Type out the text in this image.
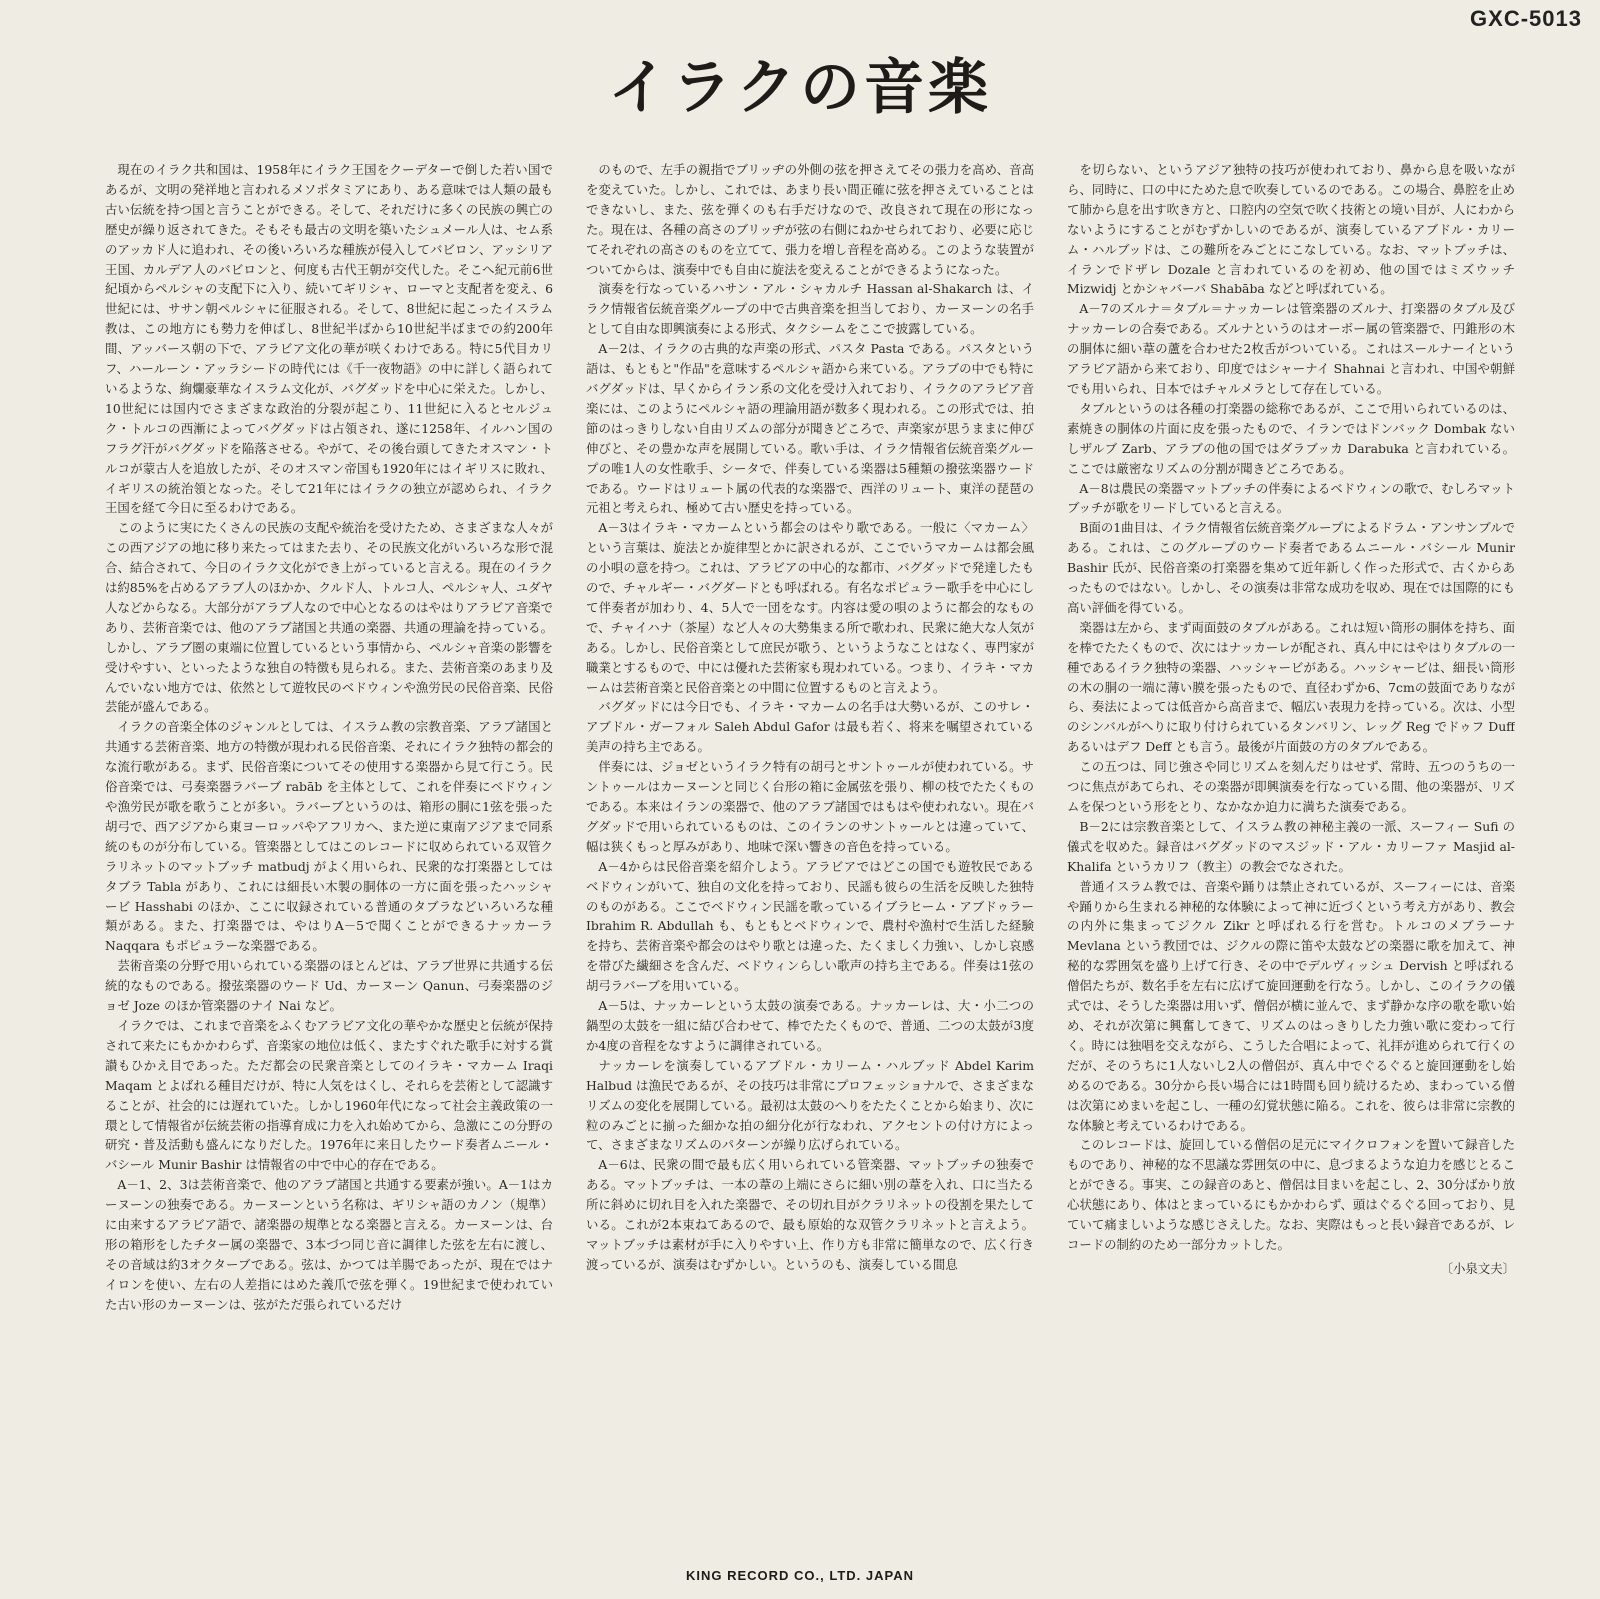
GXC-5013
イラクの音楽

現在のイラク共和国は、1958年にイラク王国をクーデターで倒した若い国であるが、文明の発祥地と言われるメソポタミアにあり、ある意味では人類の最も古い伝統を持つ国と言うことができる。そして、それだけに多くの民族の興亡の歴史が繰り返されてきた。そもそも最古の文明を築いたシュメール人は、セム系のアッカド人に追われ、その後いろいろな種族が侵入してバビロン、アッシリア王国、カルデア人のバビロンと、何度も古代王朝が交代した。そこへ紀元前6世紀頃からペルシャの支配下に入り、続いてギリシャ、ローマと支配者を変え、6世紀には、ササン朝ペルシャに征服される。そして、8世紀に起こったイスラム教は、この地方にも勢力を伸ばし、8世紀半ばから10世紀半ばまでの約200年間、アッバース朝の下で、アラビア文化の華が咲くわけである。特に5代目カリフ、ハールーン・アッラシードの時代には《千一夜物語》の中に詳しく語られているような、絢爛豪華なイスラム文化が、バグダッドを中心に栄えた。しかし、10世紀には国内でさまざまな政治的分裂が起こり、11世紀に入るとセルジュク・トルコの西漸によってバグダッドは占領され、遂に1258年、イルハン国のフラグ汗がバグダッドを陥落させる。やがて、その後台頭してきたオスマン・トルコが蒙古人を追放したが、そのオスマン帝国も1920年にはイギリスに敗れ、イギリスの統治領となった。そして21年にはイラクの独立が認められ、イラク王国を経て今日に至るわけである。

このように実にたくさんの民族の支配や統治を受けたため、さまざまな人々がこの西アジアの地に移り来たってはまた去り、その民族文化がいろいろな形で混合、結合されて、今日のイラク文化ができ上がっていると言える。現在のイラクは約85%を占めるアラブ人のほかか、クルド人、トルコ人、ペルシャ人、ユダヤ人などからなる。大部分がアラブ人なので中心となるのはやはりアラビア音楽であり、芸術音楽では、他のアラブ諸国と共通の楽器、共通の理論を持っている。しかし、アラブ圏の東端に位置しているという事情から、ペルシャ音楽の影響を受けやすい、といったような独自の特徴も見られる。また、芸術音楽のあまり及んでいない地方では、依然として遊牧民のベドウィンや漁労民の民俗音楽、民俗芸能が盛んである。

イラクの音楽全体のジャンルとしては、イスラム教の宗教音楽、アラブ諸国と共通する芸術音楽、地方の特徴が現われる民俗音楽、それにイラク独特の都会的な流行歌がある。まず、民俗音楽についてその使用する楽器から見て行こう。民俗音楽では、弓奏楽器ラバーブ rabāb を主体として、これを伴奏にベドウィンや漁労民が歌を歌うことが多い。ラバーブというのは、箱形の胴に1弦を張った胡弓で、西アジアから東ヨーロッパやアフリカへ、また逆に東南アジアまで同系統のものが分布している。管楽器としてはこのレコードに収められている双管クラリネットのマットブッチ matbudj がよく用いられ、民衆的な打楽器としてはタブラ Tabla があり、これには細長い木製の胴体の一方に面を張ったハッシャービ Hasshabi のほか、ここに収録されている普通のタブラなどいろいろな種類がある。また、打楽器では、やはりA－5で聞くことができるナッカーラ Naqqara もポピュラーな楽器である。

芸術音楽の分野で用いられている楽器のほとんどは、アラブ世界に共通する伝統的なものである。撥弦楽器のウード Ud、カーヌーン Qanun、弓奏楽器のジョゼ Joze のほか管楽器のナイ Nai など。

イラクでは、これまで音楽をふくむアラビア文化の華やかな歴史と伝統が保持されて来たにもかかわらず、音楽家の地位は低く、またすぐれた歌手に対する賞讃もひかえ目であった。ただ都会の民衆音楽としてのイラキ・マカーム Iraqi Maqam とよばれる種目だけが、特に人気をはくし、それらを芸術として認識することが、社会的には遅れていた。しかし1960年代になって社会主義政策の一環として情報省が伝統芸術の指導育成に力を入れ始めてから、急激にこの分野の研究・普及活動も盛んになりだした。1976年に来日したウード奏者ムニール・バシール Munir Bashir は情報省の中で中心的存在である。

A－1、2、3は芸術音楽で、他のアラブ諸国と共通する要素が強い。A－1はカーヌーンの独奏である。カーヌーンという名称は、ギリシャ語のカノン（規準）に由来するアラビア語で、諸楽器の規準となる楽器と言える。カーヌーンは、台形の箱形をしたチター属の楽器で、3本づつ同じ音に調律した弦を左右に渡し、その音域は約3オクターブである。弦は、かつては羊腸であったが、現在ではナイロンを使い、左右の人差指にはめた義爪で弦を弾く。19世紀まで使われていた古い形のカーヌーンは、弦がただ張られているだけ

のもので、左手の親指でブリッヂの外側の弦を押さえてその張力を高め、音高を変えていた。しかし、これでは、あまり長い間正確に弦を押さえていることはできないし、また、弦を弾くのも右手だけなので、改良されて現在の形になった。現在は、各種の高さのブリッヂが弦の右側にねかせられており、必要に応じてそれぞれの高さのものを立てて、張力を増し音程を高める。このような装置がついてからは、演奏中でも自由に旋法を変えることができるようになった。

演奏を行なっているハサン・アル・シャカルチ Hassan al-Shakarch は、イラク情報省伝統音楽グループの中で古典音楽を担当しており、カーヌーンの名手として自由な即興演奏による形式、タクシームをここで披露している。

A－2は、イラクの古典的な声楽の形式、パスタ Pasta である。パスタという語は、もともと"作品"を意味するペルシャ語から来ている。アラブの中でも特にバグダッドは、早くからイラン系の文化を受け入れており、イラクのアラビア音楽には、このようにペルシャ語の理論用語が数多く現われる。この形式では、拍節のはっきりしない自由リズムの部分が聞きどころで、声楽家が思うままに伸び伸びと、その豊かな声を展開している。歌い手は、イラク情報省伝統音楽グループの唯1人の女性歌手、シータで、伴奏している楽器は5種類の撥弦楽器ウードである。ウードはリュート属の代表的な楽器で、西洋のリュート、東洋の琵琶の元祖と考えられ、極めて古い歴史を持っている。

A－3はイラキ・マカームという都会のはやり歌である。一般に〈マカーム〉という言葉は、旋法とか旋律型とかに訳されるが、ここでいうマカームは都会風の小唄の意を持つ。これは、アラビアの中心的な都市、バグダッドで発達したもので、チャルギー・バグダードとも呼ばれる。有名なポピュラー歌手を中心にして伴奏者が加わり、4、5人で一団をなす。内容は愛の唄のように都会的なもので、チャイハナ（茶屋）など人々の大勢集まる所で歌われ、民衆に絶大な人気がある。しかし、民俗音楽として庶民が歌う、というようなことはなく、専門家が職業とするもので、中には優れた芸術家も現われている。つまり、イラキ・マカームは芸術音楽と民俗音楽との中間に位置するものと言えよう。

バグダッドには今日でも、イラキ・マカームの名手は大勢いるが、このサレ・アブドル・ガーフォル Saleh Abdul Gafor は最も若く、将来を嘱望されている美声の持ち主である。

伴奏には、ジョゼというイラク特有の胡弓とサントゥールが使われている。サントゥールはカーヌーンと同じく台形の箱に金属弦を張り、柳の枝でたたくものである。本来はイランの楽器で、他のアラブ諸国ではもはや使われない。現在バグダッドで用いられているものは、このイランのサントゥールとは違っていて、幅は狭くもっと厚みがあり、地味で深い響きの音色を持っている。

A－4からは民俗音楽を紹介しよう。アラビアではどこの国でも遊牧民であるベドウィンがいて、独自の文化を持っており、民謡も彼らの生活を反映した独特のものがある。ここでベドウィン民謡を歌っているイブラヒーム・アブドゥラー Ibrahim R. Abdullah も、もともとベドウィンで、農村や漁村で生活した経験を持ち、芸術音楽や都会のはやり歌とは違った、たくましく力強い、しかし哀感を帯びた繊細さを含んだ、ベドウィンらしい歌声の持ち主である。伴奏は1弦の胡弓ラバーブを用いている。

A－5は、ナッカーレという太鼓の演奏である。ナッカーレは、大・小二つの鍋型の太鼓を一組に結び合わせて、棒でたたくもので、普通、二つの太鼓が3度か4度の音程をなすように調律されている。

ナッカーレを演奏しているアブドル・カリーム・ハルブッド Abdel Karim Halbud は漁民であるが、その技巧は非常にプロフェッショナルで、さまざまなリズムの変化を展開している。最初は太鼓のへりをたたくことから始まり、次に粒のみごとに揃った細かな拍の細分化が行なわれ、アクセントの付け方によって、さまざまなリズムのパターンが繰り広げられている。

A－6は、民衆の間で最も広く用いられている管楽器、マットブッチの独奏である。マットブッチは、一本の葦の上端にさらに細い別の葦を入れ、口に当たる所に斜めに切れ目を入れた楽器で、その切れ目がクラリネットの役割を果たしている。これが2本束ねてあるので、最も原始的な双管クラリネットと言えよう。マットブッチは素材が手に入りやすい上、作り方も非常に簡単なので、広く行き渡っているが、演奏はむずかしい。というのも、演奏している間息

を切らない、というアジア独特の技巧が使われており、鼻から息を吸いながら、同時に、口の中にためた息で吹奏しているのである。この場合、鼻腔を止めて肺から息を出す吹き方と、口腔内の空気で吹く技術との境い目が、人にわからないようにすることがむずかしいのであるが、演奏しているアブドル・カリーム・ハルブッドは、この難所をみごとにこなしている。なお、マットブッチは、イランでドザレ Dozale と言われているのを初め、他の国ではミズウッチ Mizwidj とかシャバーバ Shabāba などと呼ばれている。

A－7のズルナ＝タブル＝ナッカーレは管楽器のズルナ、打楽器のタブル及びナッカーレの合奏である。ズルナというのはオーボー属の管楽器で、円錐形の木の胴体に細い葦の蘆を合わせた2枚舌がついている。これはスールナーイというアラビア語から来ており、印度ではシャーナイ Shahnai と言われ、中国や朝鮮でも用いられ、日本ではチャルメラとして存在している。

タブルというのは各種の打楽器の総称であるが、ここで用いられているのは、素焼きの胴体の片面に皮を張ったもので、イランではドンバック Dombak ないしザルブ Zarb、アラブの他の国ではダラブッカ Darabuka と言われている。ここでは厳密なリズムの分割が聞きどころである。

A－8は農民の楽器マットブッチの伴奏によるベドウィンの歌で、むしろマットブッチが歌をリードしていると言える。

B面の1曲目は、イラク情報省伝統音楽グループによるドラム・アンサンブルである。これは、このグループのウード奏者であるムニール・バシール Munir Bashir 氏が、民俗音楽の打楽器を集めて近年新しく作った形式で、古くからあったものではない。しかし、その演奏は非常な成功を収め、現在では国際的にも高い評価を得ている。

楽器は左から、まず両面鼓のタブルがある。これは短い筒形の胴体を持ち、面を棒でたたくもので、次にはナッカーレが配され、真ん中にはやはりタブルの一種であるイラク独特の楽器、ハッシャービがある。ハッシャービは、細長い筒形の木の胴の一端に薄い膜を張ったもので、直径わずか6、7cmの鼓面でありながら、奏法によっては低音から高音まで、幅広い表現力を持っている。次は、小型のシンバルがへりに取り付けられているタンバリン、レッグ Reg でドゥフ Duff あるいはデフ Deff とも言う。最後が片面鼓の方のタブルである。

この五つは、同じ強さや同じリズムを刻んだりはせず、常時、五つのうちの一つに焦点があてられ、その楽器が即興演奏を行なっている間、他の楽器が、リズムを保つという形をとり、なかなか迫力に満ちた演奏である。

B－2には宗教音楽として、イスラム教の神秘主義の一派、スーフィー Sufi の儀式を収めた。録音はバグダッドのマスジッド・アル・カリーファ Masjid al-Khalifa というカリフ（教主）の教会でなされた。

普通イスラム教では、音楽や踊りは禁止されているが、スーフィーには、音楽や踊りから生まれる神秘的な体験によって神に近づくという考え方があり、教会の内外に集まってジクル Zikr と呼ばれる行を営む。トルコのメブラーナ Mevlana という教団では、ジクルの際に笛や太鼓などの楽器に歌を加えて、神秘的な雰囲気を盛り上げて行き、その中でデルヴィッシュ Dervish と呼ばれる僧侶たちが、数名手を左右に広げて旋回運動を行なう。しかし、このイラクの儀式では、そうした楽器は用いず、僧侶が横に並んで、まず静かな序の歌を歌い始め、それが次第に興奮してきて、リズムのはっきりした力強い歌に変わって行く。時には独唱を交えながら、こうした合唱によって、礼拝が進められて行くのだが、そのうちに1人ないし2人の僧侶が、真ん中でぐるぐると旋回運動をし始めるのである。30分から長い場合には1時間も回り続けるため、まわっている僧は次第にめまいを起こし、一種の幻覚状態に陥る。これを、彼らは非常に宗教的な体験と考えているわけである。

このレコードは、旋回している僧侶の足元にマイクロフォンを置いて録音したものであり、神秘的な不思議な雰囲気の中に、息づまるような迫力を感じとることができる。事実、この録音のあと、僧侶は目まいを起こし、2、30分ばかり放心状態にあり、体はとまっているにもかかわらず、頭はぐるぐる回っており、見ていて痛ましいような感じさえした。なお、実際はもっと長い録音であるが、レコードの制約のため一部分カットした。

〔小泉文夫〕

KING RECORD CO., LTD. JAPAN
